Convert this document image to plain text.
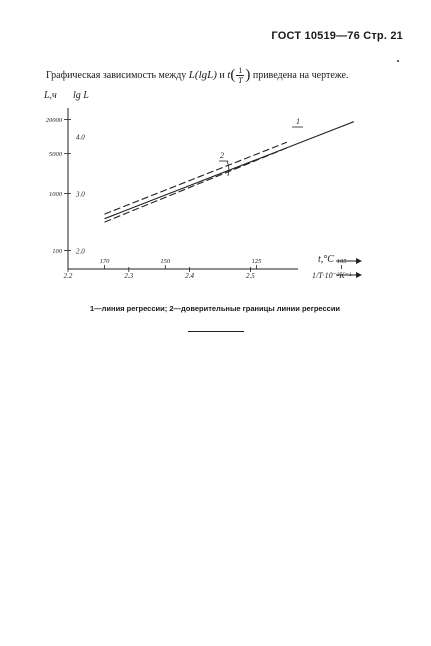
ГОСТ 10519—76 Стр. 21
Графическая зависимость между L(lgL) и $t( \frac{1}{T}$ ) приведена на чертеже.
L,ч lg L
t,°C
1/T·10⁻³K⁻¹
20000
5000
1000
100
4.0
3.0
2.0
2.2	2.3	2.4	2.5
170	150	125	105
1
2
1—линия регрессии; 2—доверительные границы линии регрессии
